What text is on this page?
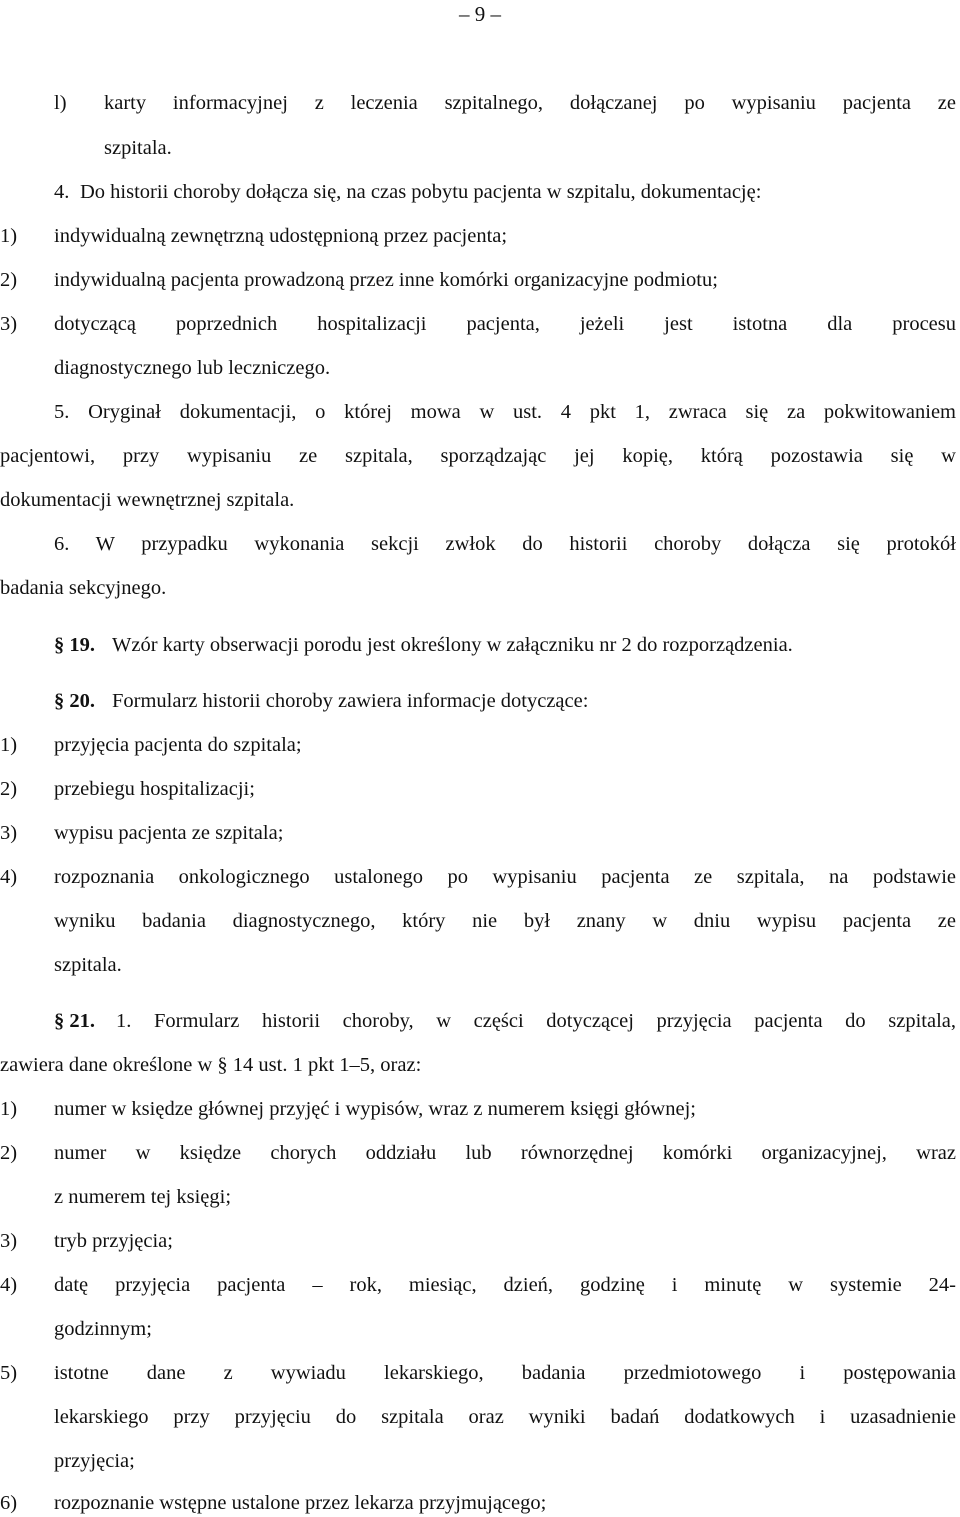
– 9 –
l) karty informacyjnej z leczenia szpitalnego, dołączanej po wypisaniu pacjenta ze
szpitala.
4. Do historii choroby dołącza się, na czas pobytu pacjenta w szpitalu, dokumentację:
1) indywidualną zewnętrzną udostępnioną przez pacjenta;
2) indywidualną pacjenta prowadzoną przez inne komórki organizacyjne podmiotu;
3) dotyczącą poprzednich hospitalizacji pacjenta, jeżeli jest istotna dla procesu
diagnostycznego lub leczniczego.
5. Oryginał dokumentacji, o której mowa w ust. 4 pkt 1, zwraca się za pokwitowaniem
pacjentowi, przy wypisaniu ze szpitala, sporządzając jej kopię, którą pozostawia się w
dokumentacji wewnętrznej szpitala.
6. W przypadku wykonania sekcji zwłok do historii choroby dołącza się protokół
badania sekcyjnego.
§ 19. Wzór karty obserwacji porodu jest określony w załączniku nr 2 do rozporządzenia.
§ 20. Formularz historii choroby zawiera informacje dotyczące:
1) przyjęcia pacjenta do szpitala;
2) przebiegu hospitalizacji;
3) wypisu pacjenta ze szpitala;
4) rozpoznania onkologicznego ustalonego po wypisaniu pacjenta ze szpitala, na podstawie
wyniku badania diagnostycznego, który nie był znany w dniu wypisu pacjenta ze
szpitala.
§ 21. 1. Formularz historii choroby, w części dotyczącej przyjęcia pacjenta do szpitala,
zawiera dane określone w § 14 ust. 1 pkt 1–5, oraz:
1) numer w księdze głównej przyjęć i wypisów, wraz z numerem księgi głównej;
2) numer w księdze chorych oddziału lub równorzędnej komórki organizacyjnej, wraz
z numerem tej księgi;
3) tryb przyjęcia;
4) datę przyjęcia pacjenta – rok, miesiąc, dzień, godzinę i minutę w systemie 24-
godzinnym;
5) istotne dane z wywiadu lekarskiego, badania przedmiotowego i postępowania
lekarskiego przy przyjęciu do szpitala oraz wyniki badań dodatkowych i uzasadnienie
przyjęcia;
6) rozpoznanie wstępne ustalone przez lekarza przyjmującego;
